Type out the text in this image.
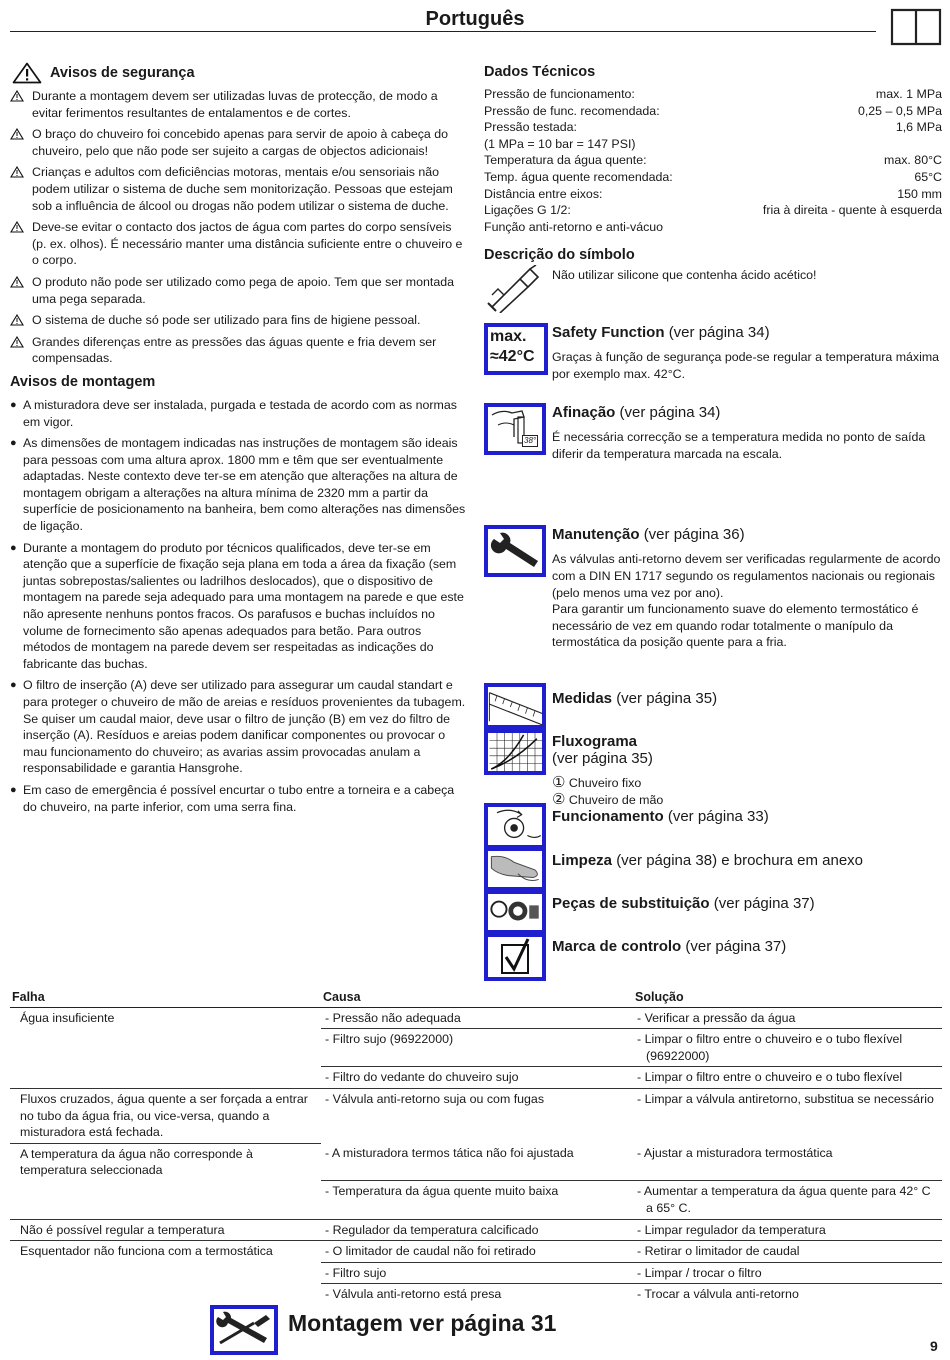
Português
Avisos de segurança
Durante a montagem devem ser utilizadas luvas de protecção, de modo a evitar ferimentos resultantes de entalamentos e de cortes.
O braço do chuveiro foi concebido apenas para servir de apoio à cabeça do chuveiro, pelo que não pode ser sujeito a cargas de objectos adicionais!
Crianças e adultos com deficiências motoras, mentais e/ou sensoriais não podem utilizar o sistema de duche sem monitorização. Pessoas que estejam sob a influência de álcool ou drogas não podem utilizar o sistema de duche.
Deve-se evitar o contacto dos jactos de água com partes do corpo sensíveis (p. ex. olhos). É necessário manter uma distância suficiente entre o chuveiro e o corpo.
O produto não pode ser utilizado como pega de apoio. Tem que ser montada uma pega separada.
O sistema de duche só pode ser utilizado para fins de higiene pessoal.
Grandes diferenças entre as pressões das águas quente e fria devem ser compensadas.
Avisos de montagem
● A misturadora deve ser instalada, purgada e testada de acordo com as normas em vigor.
● As dimensões de montagem indicadas nas instruções de montagem são ideais para pessoas com uma altura aprox. 1800 mm e têm que ser eventualmente adaptadas. Neste contexto deve ter-se em atenção que alterações na altura de montagem obrigam a alterações na altura mínima de 2320 mm a partir da superfície de posicionamento na banheira, bem como alterações nas dimensões de ligação.
● Durante a montagem do produto por técnicos qualificados, deve ter-se em atenção que a superfície de fixação seja plana em toda a área da fixação (sem juntas sobrepostas/salientes ou ladrilhos deslocados), que o dispositivo de montagem na parede seja adequado para uma montagem na parede e que este não apresente nenhuns pontos fracos. Os parafusos e buchas incluídos no volume de fornecimento são apenas adequados para betão. Para outros métodos de montagem na parede devem ser respeitadas as indicações do fabricante das buchas.
● O filtro de inserção (A) deve ser utilizado para assegurar um caudal standart e para proteger o chuveiro de mão de areias e resíduos provenientes da tubagem. Se quiser um caudal maior, deve usar o filtro de junção (B) em vez do filtro de inserção (A). Resíduos e areias podem danificar componentes ou provocar o mau funcionamento do chuveiro; as avarias assim provocadas anulam a responsabilidade e garantia Hansgrohe.
● Em caso de emergência é possível encurtar o tubo entre a torneira e a cabeça do chuveiro, na parte inferior, com uma serra fina.
Dados Técnicos
Pressão de funcionamento:	max. 1 MPa
Pressão de func. recomendada:	0,25 – 0,5 MPa
Pressão testada:	1,6 MPa
(1 MPa = 10 bar = 147 PSI)
Temperatura da água quente:	max. 80°C
Temp. água quente recomendada:	65°C
Distância entre eixos:	150 mm
Ligações G 1/2:	fria à direita - quente à esquerda
Função anti-retorno e anti-vácuo
Descrição do símbolo
Não utilizar silicone que contenha ácido acético!
max.
≈42°C
Safety Function (ver página 34)
Graças à função de segurança pode-se regular a temperatura máxima por exemplo max. 42°C.
38°
Afinação (ver página 34)
É necessária correcção se a temperatura medida no ponto de saída diferir da temperatura marcada na escala.
Manutenção (ver página 36)
As válvulas anti-retorno devem ser verificadas regularmente de acordo com a DIN EN 1717 segundo os regulamentos nacionais ou regionais (pelo menos uma vez por ano).
Para garantir um funcionamento suave do elemento termostático é necessário de vez em quando rodar totalmente o manípulo da termostática da posição quente para a fria.
Medidas (ver página 35)
Fluxograma
(ver página 35)
① Chuveiro fixo
② Chuveiro de mão
Funcionamento (ver página 33)
Limpeza (ver página 38) e brochura em anexo
Peças de substituição (ver página 37)
Marca de controlo (ver página 37)
Falha	Causa	Solução
Água insuficiente	- Pressão não adequada	- Verificar a pressão da água
	- Filtro sujo (96922000)	- Limpar o filtro entre o chuveiro e o tubo flexível (96922000)
	- Filtro do vedante do chuveiro sujo	- Limpar o filtro entre o chuveiro e o tubo flexível
Fluxos cruzados, água quente a ser forçada a entrar no tubo da água fria, ou vice-versa, quando a misturadora está fechada.	- Válvula anti-retorno suja ou com fugas	- Limpar a válvula antiretorno, substitua se necessário
A temperatura da água não corresponde à temperatura seleccionada	- A misturadora termos tática não foi ajustada	- Ajustar a misturadora termostática
	- Temperatura da água quente muito baixa	- Aumentar a temperatura da água quente para 42° C a 65° C.
Não é possível regular a temperatura	- Regulador da temperatura calcificado	- Limpar regulador da temperatura
Esquentador não funciona com a termostática	- O limitador de caudal não foi retirado	- Retirar o limitador de caudal
	- Filtro sujo	- Limpar / trocar o filtro
	- Válvula anti-retorno está presa	- Trocar a válvula anti-retorno
Montagem ver página 31
9
